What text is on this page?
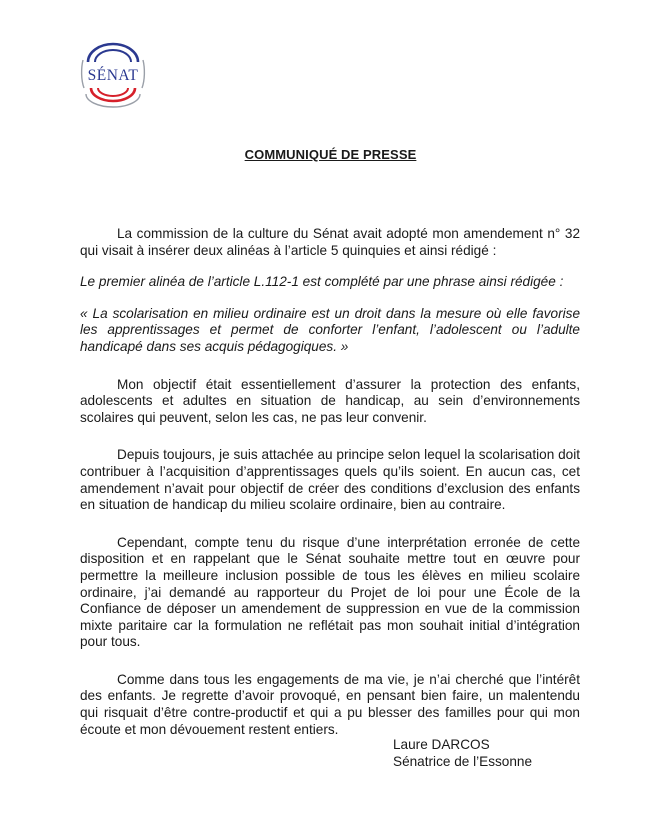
SÉNAT
COMMUNIQUÉ DE PRESSE

La commission de la culture du Sénat avait adopté mon amendement n° 32 qui visait à insérer deux alinéas à l’article 5 quinquies et ainsi rédigé :

Le premier alinéa de l’article L.112-1 est complété par une phrase ainsi rédigée :

« La scolarisation en milieu ordinaire est un droit dans la mesure où elle favorise les apprentissages et permet de conforter l’enfant, l’adolescent ou l’adulte handicapé dans ses acquis pédagogiques. »

Mon objectif était essentiellement d’assurer la protection des enfants, adolescents et adultes en situation de handicap, au sein d’environnements scolaires qui peuvent, selon les cas, ne pas leur convenir.

Depuis toujours, je suis attachée au principe selon lequel la scolarisation doit contribuer à l’acquisition d’apprentissages quels qu’ils soient. En aucun cas, cet amendement n’avait pour objectif de créer des conditions d’exclusion des enfants en situation de handicap du milieu scolaire ordinaire, bien au contraire.

Cependant, compte tenu du risque d’une interprétation erronée de cette disposition et en rappelant que le Sénat souhaite mettre tout en œuvre pour permettre la meilleure inclusion possible de tous les élèves en milieu scolaire ordinaire, j’ai demandé au rapporteur du Projet de loi pour une École de la Confiance de déposer un amendement de suppression en vue de la commission mixte paritaire car la formulation ne reflétait pas mon souhait initial d’intégration pour tous.

Comme dans tous les engagements de ma vie, je n’ai cherché que l’intérêt des enfants. Je regrette d’avoir provoqué, en pensant bien faire, un malentendu qui risquait d’être contre-productif et qui a pu blesser des familles pour qui mon écoute et mon dévouement restent entiers.

Laure DARCOS
Sénatrice de l’Essonne
